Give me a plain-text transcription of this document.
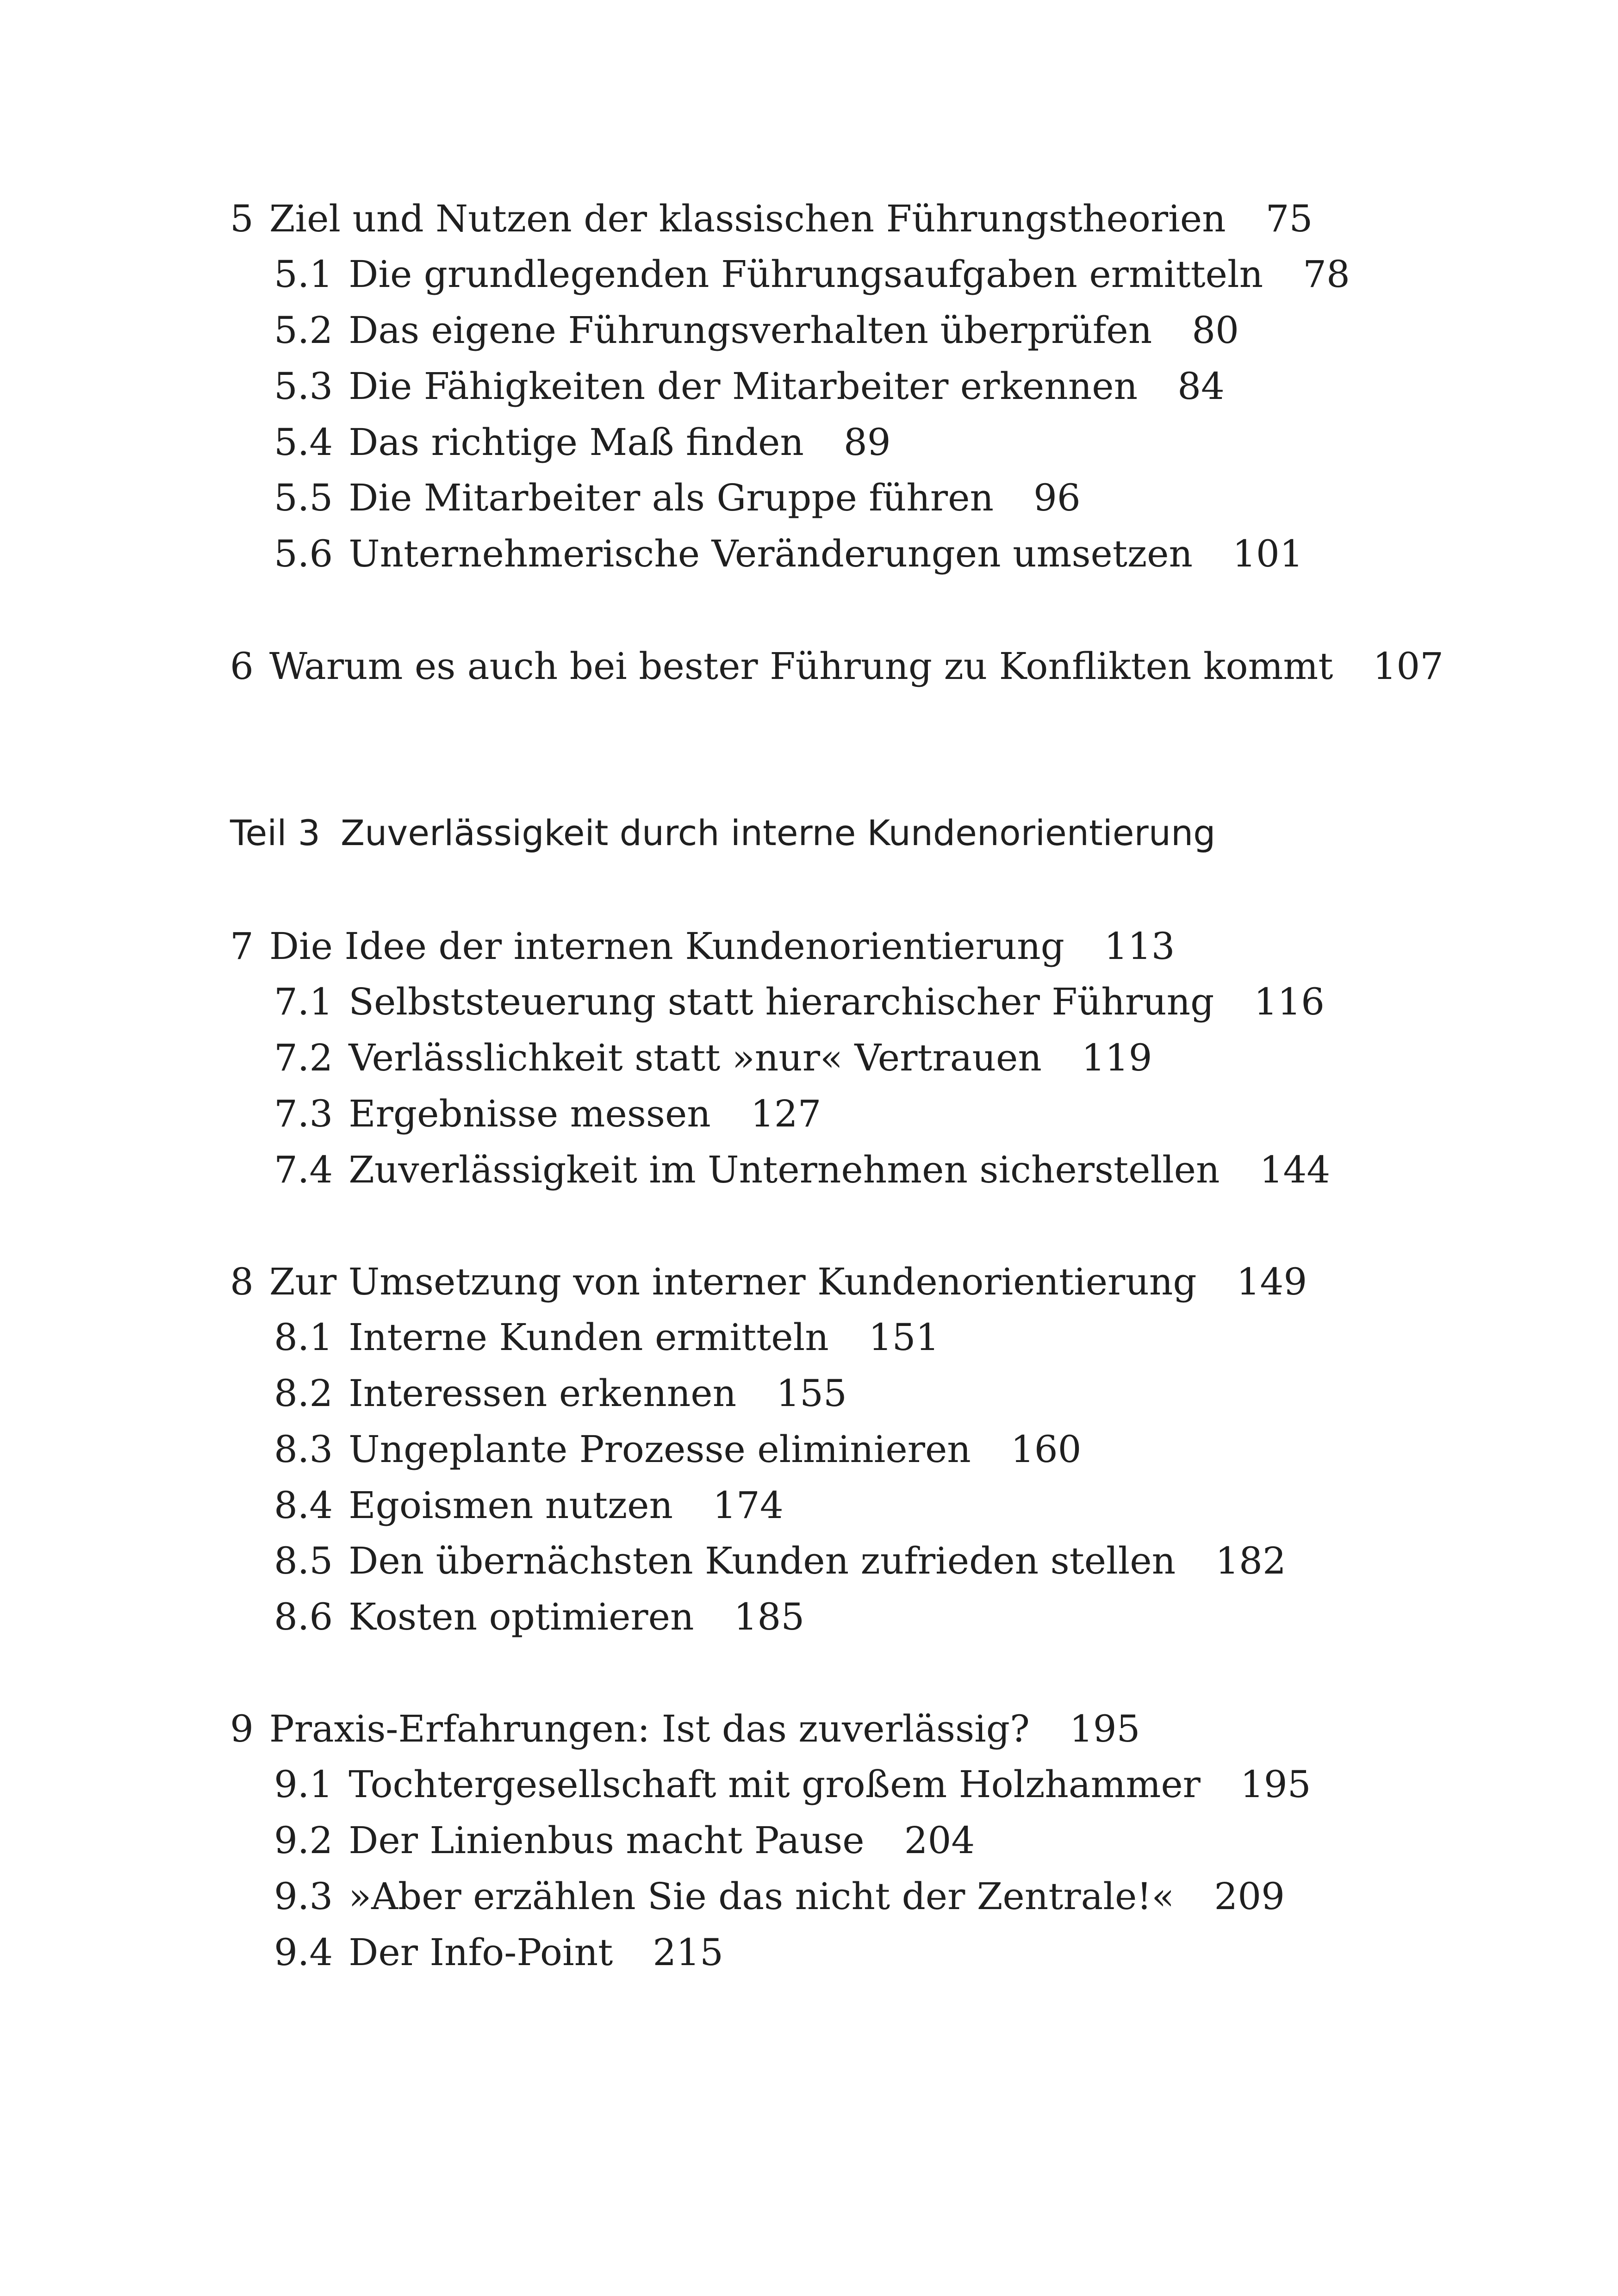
5 Ziel und Nutzen der klassischen Führungstheorien 75
5.1 Die grundlegenden Führungsaufgaben ermitteln 78
5.2 Das eigene Führungsverhalten überprüfen 80
5.3 Die Fähigkeiten der Mitarbeiter erkennen 84
5.4 Das richtige Maß finden 89
5.5 Die Mitarbeiter als Gruppe führen 96
5.6 Unternehmerische Veränderungen umsetzen 101
6 Warum es auch bei bester Führung zu Konflikten kommt 107
Teil 3 Zuverlässigkeit durch interne Kundenorientierung
7 Die Idee der internen Kundenorientierung 113
7.1 Selbststeuerung statt hierarchischer Führung 116
7.2 Verlässlichkeit statt »nur« Vertrauen 119
7.3 Ergebnisse messen 127
7.4 Zuverlässigkeit im Unternehmen sicherstellen 144
8 Zur Umsetzung von interner Kundenorientierung 149
8.1 Interne Kunden ermitteln 151
8.2 Interessen erkennen 155
8.3 Ungeplante Prozesse eliminieren 160
8.4 Egoismen nutzen 174
8.5 Den übernächsten Kunden zufrieden stellen 182
8.6 Kosten optimieren 185
9 Praxis-Erfahrungen: Ist das zuverlässig? 195
9.1 Tochtergesellschaft mit großem Holzhammer 195
9.2 Der Linienbus macht Pause 204
9.3 »Aber erzählen Sie das nicht der Zentrale!« 209
9.4 Der Info-Point 215
